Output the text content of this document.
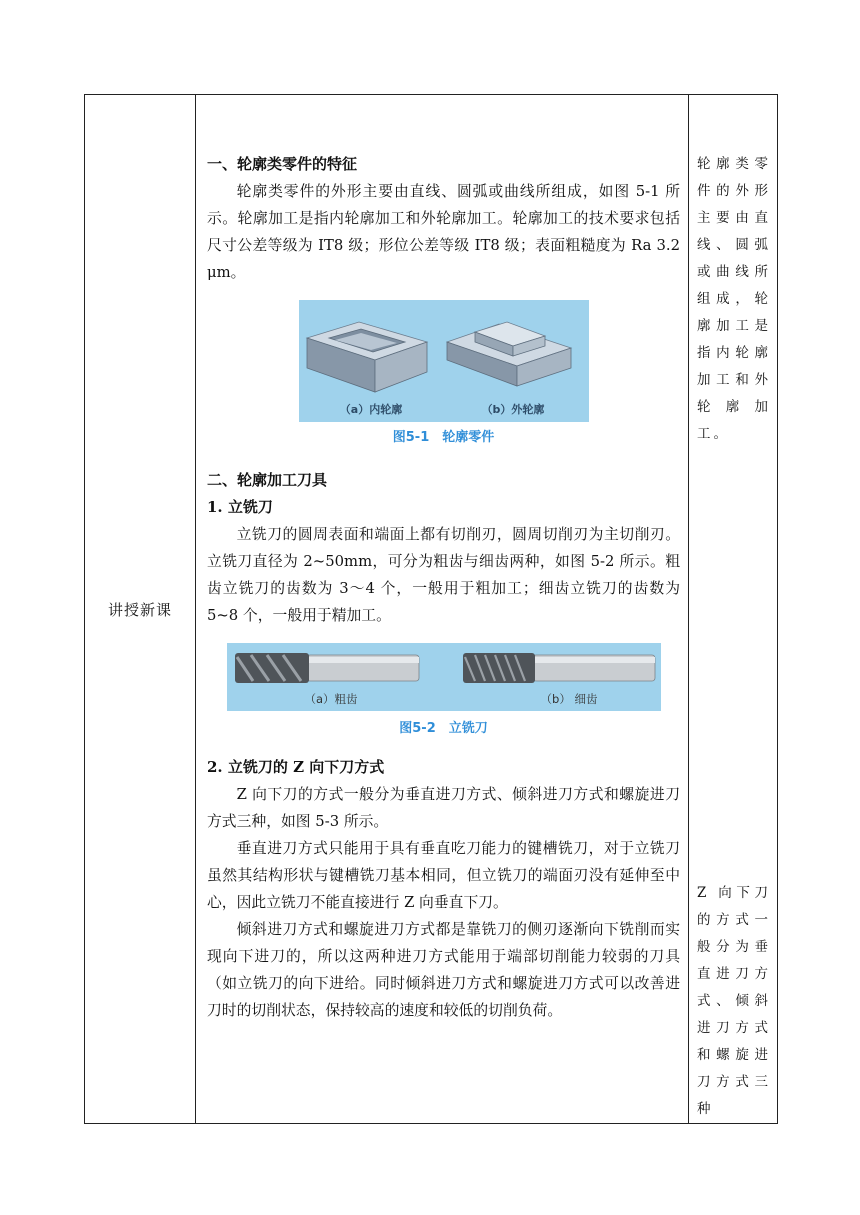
讲授新课	

一、轮廓类零件的特征

轮廓类零件的外形主要由直线、圆弧或曲线所组成，如图 5-1 所示。轮廓加工是指内轮廓加工和外轮廓加工。轮廓加工的技术要求包括尺寸公差等级为 IT8 级；形位公差等级 IT8 级；表面粗糙度为 Ra 3.2 μm。

（a）内轮廓	（b）外轮廓

图5-1　轮廓零件

二、轮廓加工刀具

1. 立铣刀

立铣刀的圆周表面和端面上都有切削刃，圆周切削刃为主切削刃。立铣刀直径为 2~50mm，可分为粗齿与细齿两种，如图 5-2 所示。粗齿立铣刀的齿数为 3～4 个，一般用于粗加工；细齿立铣刀的齿数为 5~8 个，一般用于精加工。

（a）粗齿	（b） 细齿

图5-2　立铣刀

2. 立铣刀的 Z 向下刀方式

Z 向下刀的方式一般分为垂直进刀方式、倾斜进刀方式和螺旋进刀方式三种，如图 5-3 所示。

垂直进刀方式只能用于具有垂直吃刀能力的键槽铣刀，对于立铣刀虽然其结构形状与键槽铣刀基本相同，但立铣刀的端面刃没有延伸至中心，因此立铣刀不能直接进行 Z 向垂直下刀。

倾斜进刀方式和螺旋进刀方式都是靠铣刀的侧刃逐渐向下铣削而实现向下进刀的，所以这两种进刀方式能用于端部切削能力较弱的刀具（如立铣刀的向下进给。同时倾斜进刀方式和螺旋进刀方式可以改善进刀时的切削状态，保持较高的速度和较低的切削负荷。

轮廓类零件的外形主要由直线、圆弧或曲线所组成，轮廓加工是指内轮廓加工和外轮廓加工。

Z 向下刀的方式一般分为垂直进刀方式、倾斜进刀方式和螺旋进刀方式三种
